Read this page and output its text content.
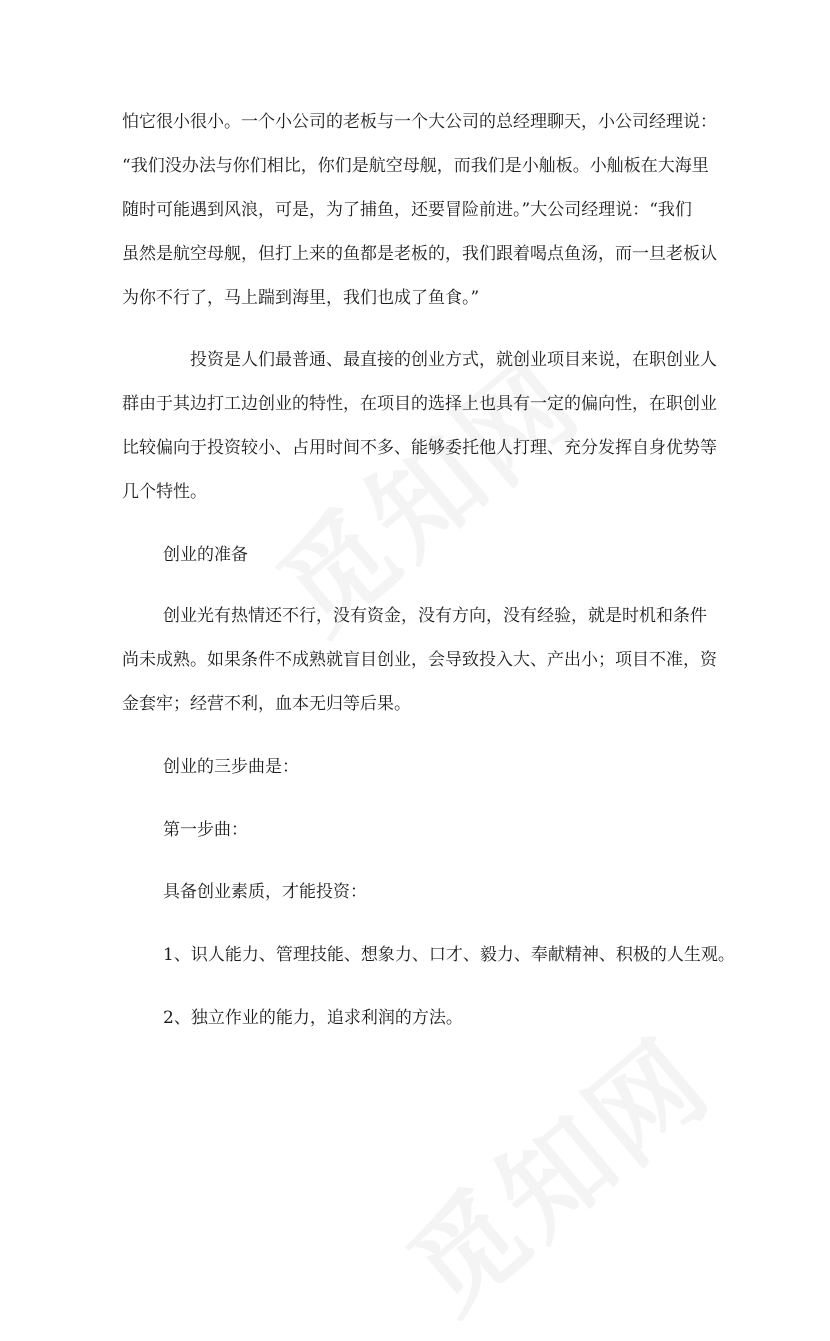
怕它很小很小。一个小公司的老板与一个大公司的总经理聊天，小公司经理说：
“我们没办法与你们相比，你们是航空母舰，而我们是小舢板。小舢板在大海里
随时可能遇到风浪，可是，为了捕鱼，还要冒险前进。”大公司经理说：“我们
虽然是航空母舰，但打上来的鱼都是老板的，我们跟着喝点鱼汤，而一旦老板认
为你不行了，马上踹到海里，我们也成了鱼食。”
投资是人们最普通、最直接的创业方式，就创业项目来说，在职创业人
群由于其边打工边创业的特性，在项目的选择上也具有一定的偏向性，在职创业
比较偏向于投资较小、占用时间不多、能够委托他人打理、充分发挥自身优势等
几个特性。
创业的准备
创业光有热情还不行，没有资金，没有方向，没有经验，就是时机和条件
尚未成熟。如果条件不成熟就盲目创业，会导致投入大、产出小；项目不准，资
金套牢；经营不利，血本无归等后果。
创业的三步曲是：
第一步曲：
具备创业素质，才能投资：
1、识人能力、管理技能、想象力、口才、毅力、奉献精神、积极的人生观。
2、独立作业的能力，追求利润的方法。
